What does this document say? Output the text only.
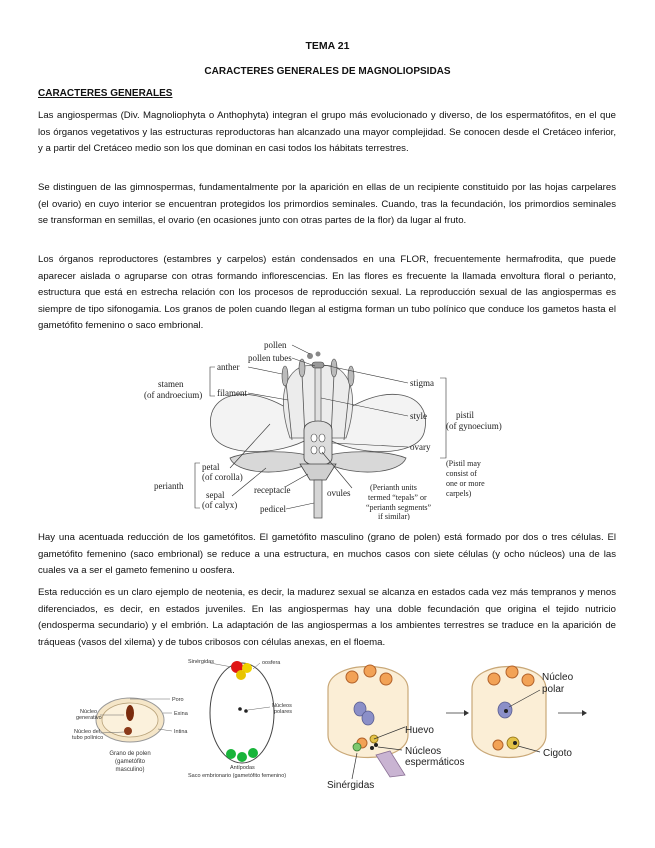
TEMA 21
CARACTERES GENERALES DE MAGNOLIOPSIDAS
CARACTERES GENERALES

Las angiospermas (Div. Magnoliophyta o Anthophyta) integran el grupo más evolucionado y diverso, de los espermatófitos, en el que los órganos vegetativos y las estructuras reproductoras han alcanzado una mayor complejidad. Se conocen desde el Cretáceo inferior, y a partir del Cretáceo medio son los que dominan en casi todos los hábitats terrestres.

Se distinguen de las gimnospermas, fundamentalmente por la aparición en ellas de un recipiente constituido por las hojas carpelares (el ovario) en cuyo interior se encuentran protegidos los primordios seminales. Cuando, tras la fecundación, los primordios seminales se transforman en semillas, el ovario (en ocasiones junto con otras partes de la flor) da lugar al fruto.

Los órganos reproductores (estambres y carpelos) están condensados en una FLOR, frecuentemente hermafrodita, que puede aparecer aislada o agruparse con otras formando inflorescencias. En las flores es frecuente la llamada envoltura floral o perianto, estructura que está en estrecha relación con los procesos de reproducción sexual. La reproducción sexual de las angiospermas es siempre de tipo sifonogamia. Los granos de polen cuando llegan al estigma forman un tubo polínico que conduce los gametos hasta el gametófito femenino o saco embrional.

pollen
pollen tubes
anther
filament
stamen
(of androecium)
stigma
style
ovary
pistil
(of gynoecium)
(Pistil may
consist of
one or more
carpels)
petal
(of corolla)
sepal
(of calyx)
perianth	receptacle	ovules
pedicel
(Perianth units
termed “tepals” or
“perianth segments”
if similar)

Hay una acentuada reducción de los gametófitos. El gametófito masculino (grano de polen) está formado por dos o tres células. El gametófito femenino (saco embrional) se reduce a una estructura, en muchos casos con siete células (y ocho núcleos) una de las cuales va a ser el gameto femenino u oosfera.

Esta reducción es un claro ejemplo de neotenia, es decir, la madurez sexual se alcanza en estados cada vez más tempranos y menos diferenciados, es decir, en estados juveniles. En las angiospermas hay una doble fecundación que origina el tejido nutricio (endosperma secundario) y el embrión. La adaptación de las angiospermas a los ambientes terrestres se traduce en la aparición de tráqueas (vasos del xilema) y de tubos cribosos con células anexas, en el floema.

Poro
Exina
Intina
Núcleo
generativo
Núcleo del
tubo polínico
Grano de polen
(gametófito
masculino)
Sinérgidas	oosfera
Núcleos
polares
Antípodas
Saco embrionario (gametófito femenino)
Huevo
Núcleos
espermáticos
Sinérgidas
Núcleo
polar
Cigoto
